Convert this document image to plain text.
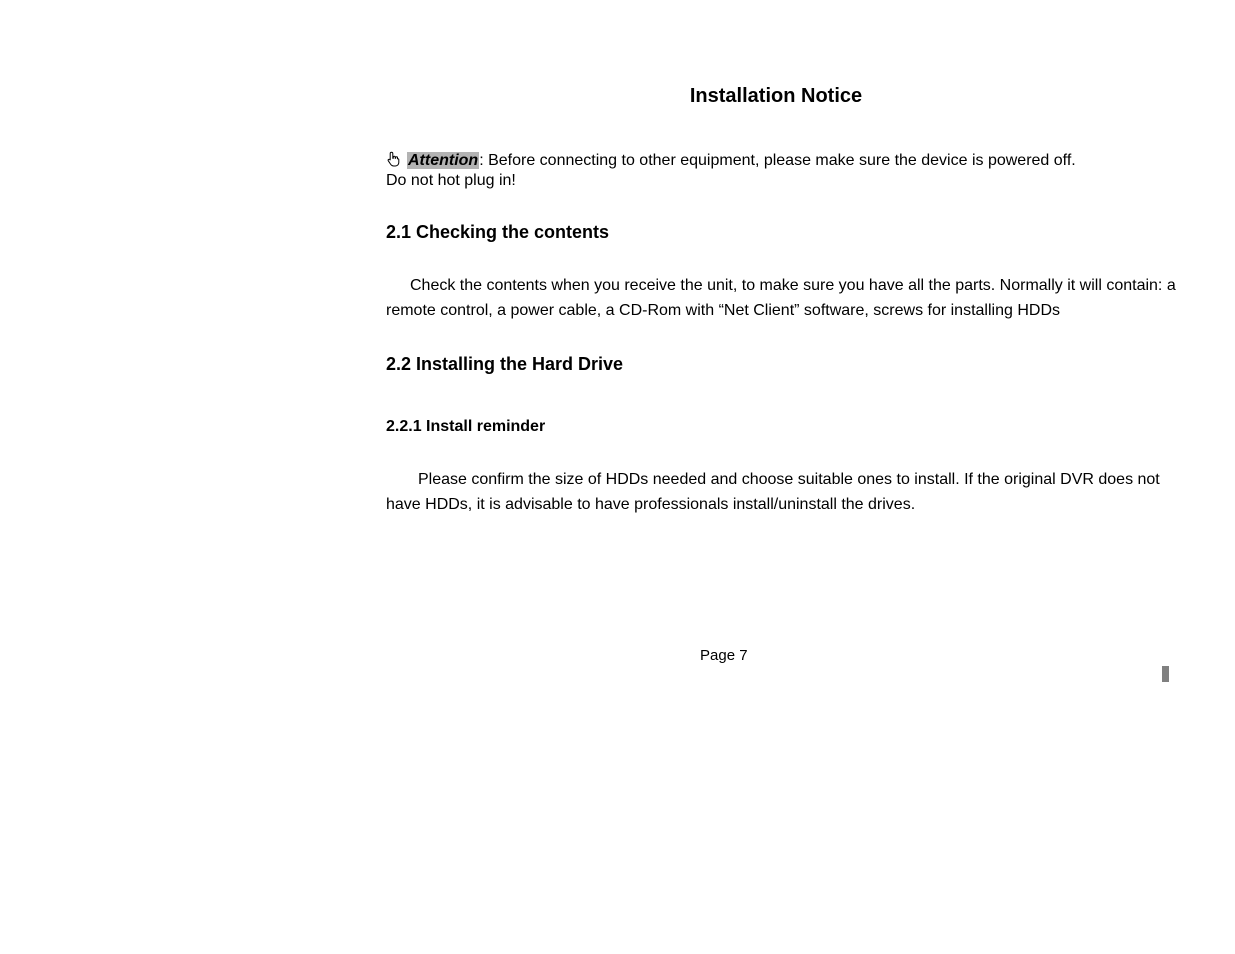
Installation Notice
Attention: Before connecting to other equipment, please make sure the device is powered off.
Do not hot plug in!
2.1 Checking the contents

Check the contents when you receive the unit, to make sure you have all the parts. Normally it will contain: a remote control, a power cable, a CD-Rom with “Net Client” software, screws for installing HDDs

2.2 Installing the Hard Drive
2.2.1 Install reminder

Please confirm the size of HDDs needed and choose suitable ones to install. If the original DVR does not have HDDs, it is advisable to have professionals install/uninstall the drives.

Page 7
